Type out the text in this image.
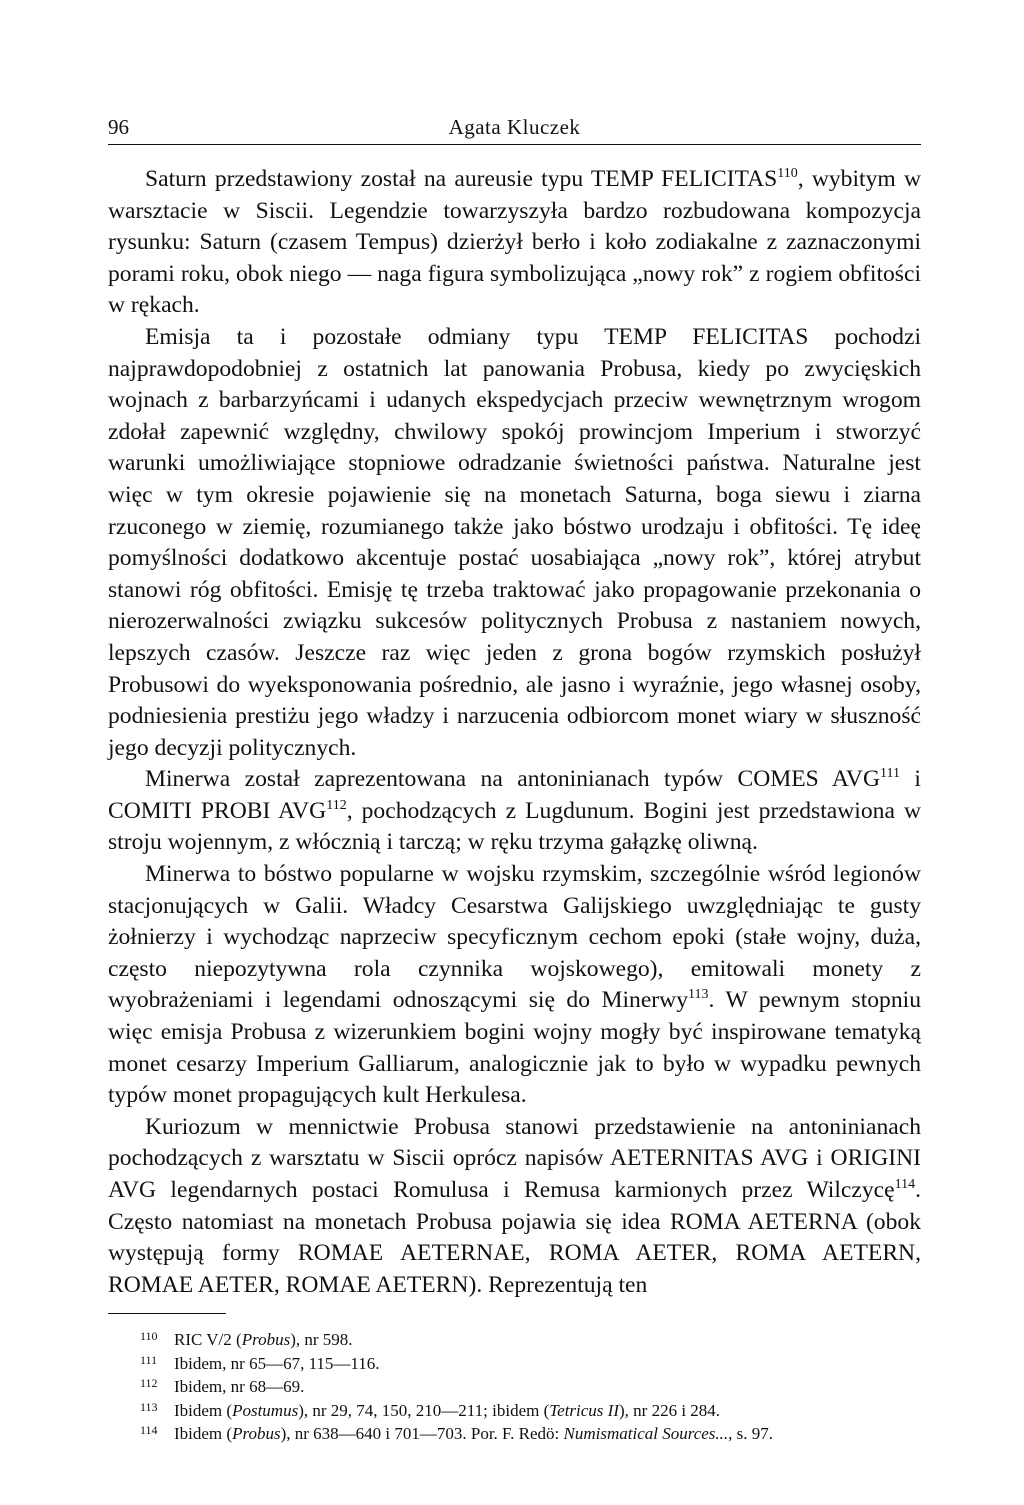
96	Agata Kluczek

Saturn przedstawiony został na aureusie typu TEMP FELICITAS$^{110}$, wybitym w warsztacie w Siscii. Legendzie towarzyszyła bardzo rozbudowana kompozycja rysunku: Saturn (czasem Tempus) dzierżył berło i koło zodiakalne z zaznaczonymi porami roku, obok niego — naga figura symbolizująca „nowy rok” z rogiem obfitości w rękach.

Emisja ta i pozostałe odmiany typu TEMP FELICITAS pochodzi najprawdopodobniej z ostatnich lat panowania Probusa, kiedy po zwycięskich wojnach z barbarzyńcami i udanych ekspedycjach przeciw wewnętrznym wrogom zdołał zapewnić względny, chwilowy spokój prowincjom Imperium i stworzyć warunki umożliwiające stopniowe odradzanie świetności państwa. Naturalne jest więc w tym okresie pojawienie się na monetach Saturna, boga siewu i ziarna rzuconego w ziemię, rozumianego także jako bóstwo urodzaju i obfitości. Tę ideę pomyślności dodatkowo akcentuje postać uosabiająca „nowy rok”, której atrybut stanowi róg obfitości. Emisję tę trzeba traktować jako propagowanie przekonania o nierozerwalności związku sukcesów politycznych Probusa z nastaniem nowych, lepszych czasów. Jeszcze raz więc jeden z grona bogów rzymskich posłużył Probusowi do wyeksponowania pośrednio, ale jasno i wyraźnie, jego własnej osoby, podniesienia prestiżu jego władzy i narzucenia odbiorcom monet wiary w słuszność jego decyzji politycznych.

Minerwa został zaprezentowana na antoninianach typów COMES AVG$^{111}$ i COMITI PROBI AVG$^{112}$, pochodzących z Lugdunum. Bogini jest przedstawiona w stroju wojennym, z włócznią i tarczą; w ręku trzyma gałązkę oliwną.

Minerwa to bóstwo popularne w wojsku rzymskim, szczególnie wśród legionów stacjonujących w Galii. Władcy Cesarstwa Galijskiego uwzględniając te gusty żołnierzy i wychodząc naprzeciw specyficznym cechom epoki (stałe wojny, duża, często niepozytywna rola czynnika wojskowego), emitowali monety z wyobrażeniami i legendami odnoszącymi się do Minerwy$^{113}$. W pewnym stopniu więc emisja Probusa z wizerunkiem bogini wojny mogły być inspirowane tematyką monet cesarzy Imperium Galliarum, analogicznie jak to było w wypadku pewnych typów monet propagujących kult Herkulesa.

Kuriozum w mennictwie Probusa stanowi przedstawienie na antoninianach pochodzących z warsztatu w Siscii oprócz napisów AETERNITAS AVG i ORIGINI AVG legendarnych postaci Romulusa i Remusa karmionych przez Wilczycę$^{114}$. Często natomiast na monetach Probusa pojawia się idea ROMA AETERNA (obok występują formy ROMAE AETERNAE, ROMA AETER, ROMA AETERN, ROMAE AETER, ROMAE AETERN). Reprezentują ten

110 RIC V/2 (Probus), nr 598.

111 Ibidem, nr 65—67, 115—116.

112 Ibidem, nr 68—69.

113 Ibidem (Postumus), nr 29, 74, 150, 210—211; ibidem (Tetricus II), nr 226 i 284.

114 Ibidem (Probus), nr 638—640 i 701—703. Por. F. Redö: Numismatical Sources..., s. 97.
